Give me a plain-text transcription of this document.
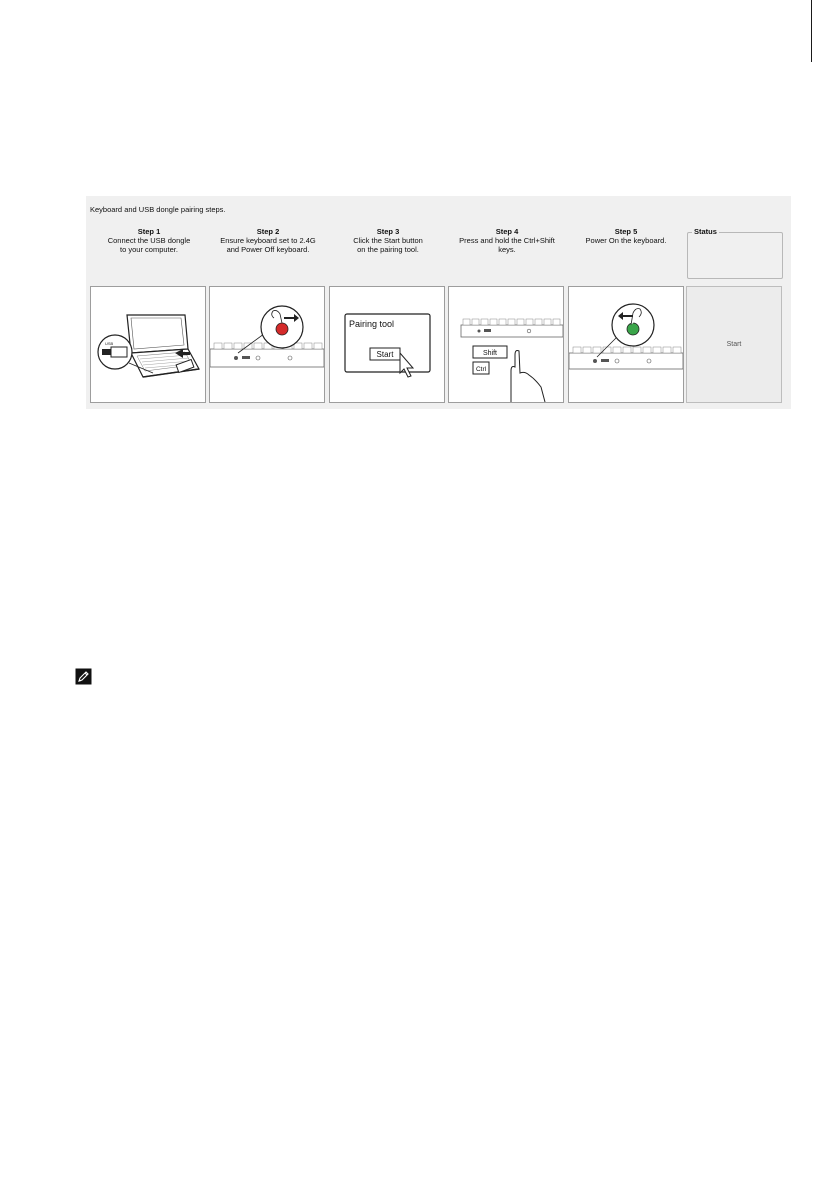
Keyboard and USB dongle pairing steps.
Step 1
Connect the USB dongle
to your computer.
Step 2
Ensure keyboard set to 2.4G
and Power Off keyboard.
Step 3
Click the Start button
on the pairing tool.
Step 4
Press and hold the Ctrl+Shift
keys.
Step 5
Power On the keyboard.
Status
USB
Pairing tool
Start	Shift
Ctrl
Start
